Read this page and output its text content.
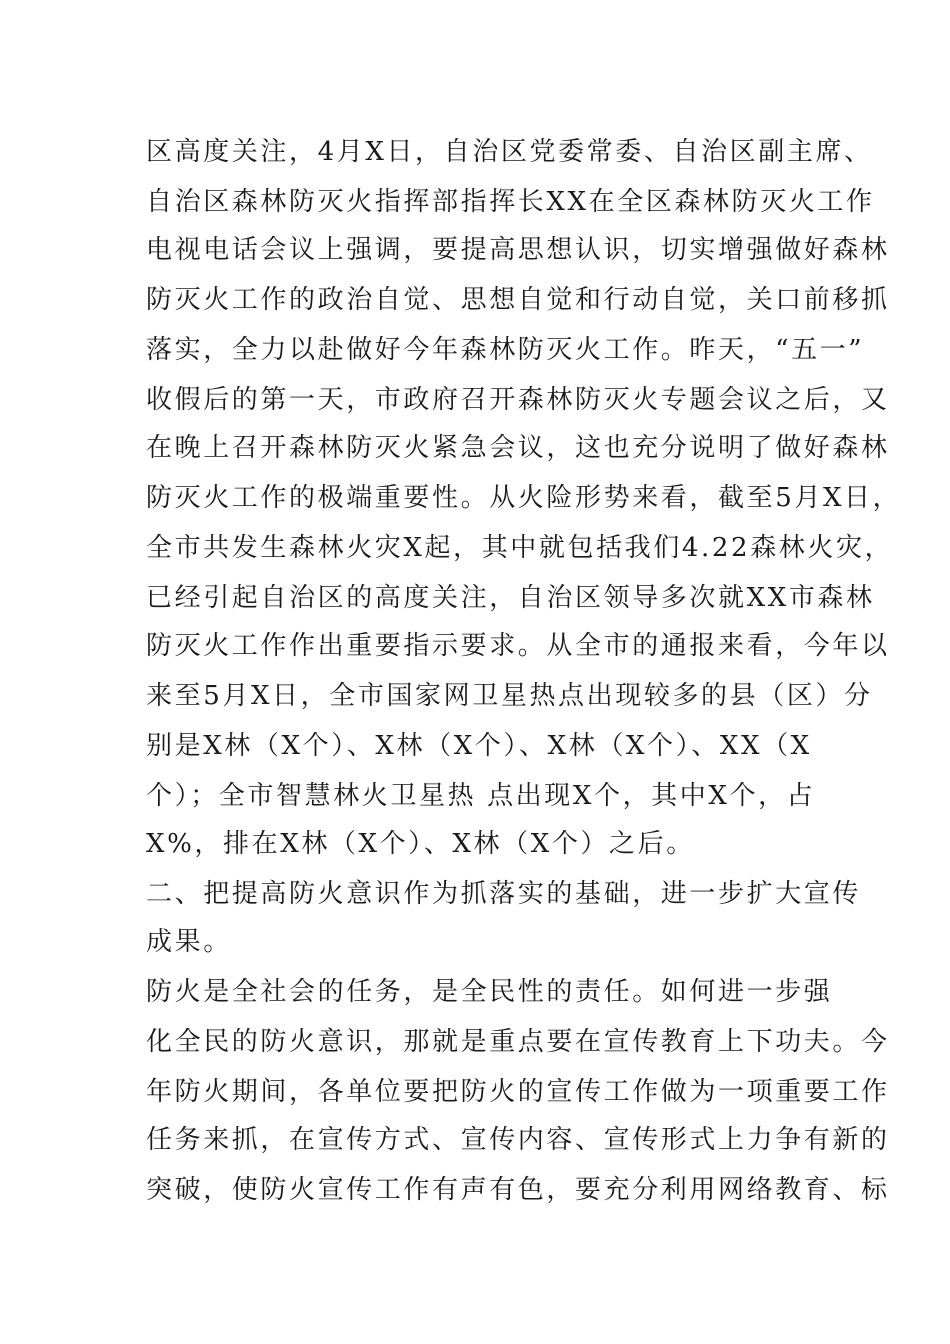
区高度关注，4月X日，自治区党委常委、自治区副主席、
自治区森林防灭火指挥部指挥长XX在全区森林防灭火工作
电视电话会议上强调，要提高思想认识，切实增强做好森林
防灭火工作的政治自觉、思想自觉和行动自觉，关口前移抓
落实，全力以赴做好今年森林防灭火工作。昨天，“五一”
收假后的第一天，市政府召开森林防灭火专题会议之后，又
在晚上召开森林防灭火紧急会议，这也充分说明了做好森林
防灭火工作的极端重要性。从火险形势来看，截至5月X日，
全市共发生森林火灾X起，其中就包括我们4.22森林火灾，
已经引起自治区的高度关注，自治区领导多次就XX市森林
防灭火工作作出重要指示要求。从全市的通报来看，今年以
来至5月X日，全市国家网卫星热点出现较多的县（区）分
别是X林（X个）、X林（X个）、X林（X个）、XX（X
个）；全市智慧林火卫星热 点出现X个，其中X个，占
X%，排在X林（X个）、X林（X个）之后。
二、把提高防火意识作为抓落实的基础，进一步扩大宣传
成果。
防火是全社会的任务，是全民性的责任。如何进一步强
化全民的防火意识，那就是重点要在宣传教育上下功夫。今
年防火期间，各单位要把防火的宣传工作做为一项重要工作
任务来抓，在宣传方式、宣传内容、宣传形式上力争有新的
突破，使防火宣传工作有声有色，要充分利用网络教育、标
